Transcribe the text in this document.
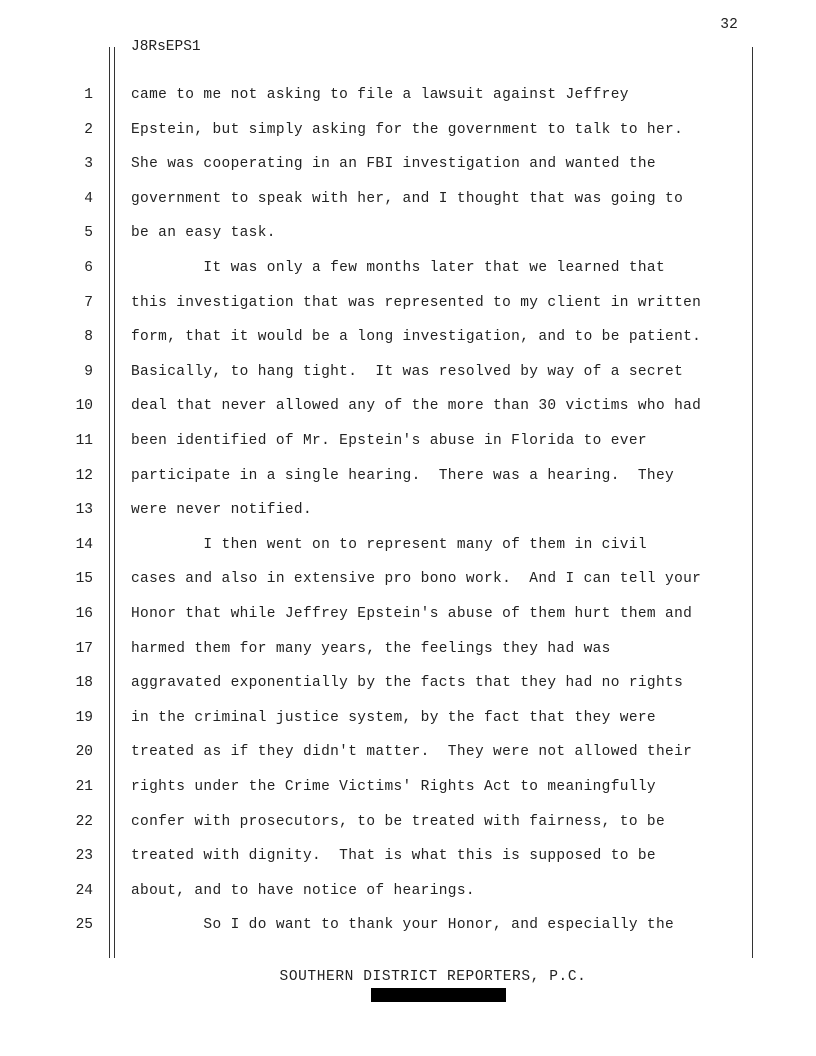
32
J8RsEPS1
1	came to me not asking to file a lawsuit against Jeffrey
2	Epstein, but simply asking for the government to talk to her.
3	She was cooperating in an FBI investigation and wanted the
4	government to speak with her, and I thought that was going to
5	be an easy task.
6	It was only a few months later that we learned that
7	this investigation that was represented to my client in written
8	form, that it would be a long investigation, and to be patient.
9	Basically, to hang tight.  It was resolved by way of a secret
10	deal that never allowed any of the more than 30 victims who had
11	been identified of Mr. Epstein's abuse in Florida to ever
12	participate in a single hearing.  There was a hearing.  They
13	were never notified.
14	I then went on to represent many of them in civil
15	cases and also in extensive pro bono work.  And I can tell your
16	Honor that while Jeffrey Epstein's abuse of them hurt them and
17	harmed them for many years, the feelings they had was
18	aggravated exponentially by the facts that they had no rights
19	in the criminal justice system, by the fact that they were
20	treated as if they didn't matter.  They were not allowed their
21	rights under the Crime Victims' Rights Act to meaningfully
22	confer with prosecutors, to be treated with fairness, to be
23	treated with dignity.  That is what this is supposed to be
24	about, and to have notice of hearings.
25	So I do want to thank your Honor, and especially the
SOUTHERN DISTRICT REPORTERS, P.C.
